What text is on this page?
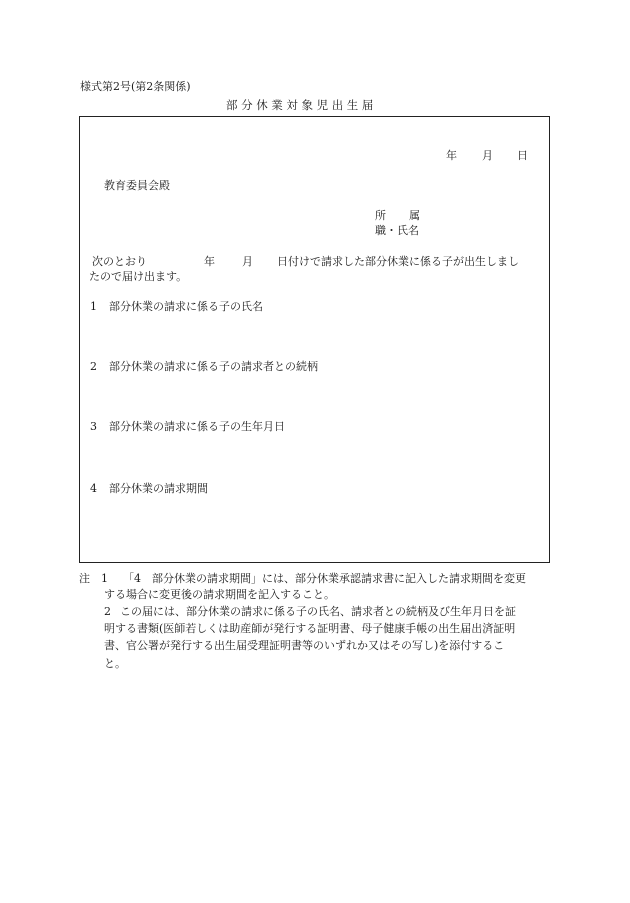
様式第2号(第2条関係)
部分休業対象児出生届
年 月 日
教育委員会殿
所 属
職・氏名
次のとおり	年 月 日付けで請求した部分休業に係る子が出生しまし
たので届け出ます。
1 部分休業の請求に係る子の氏名
2 部分休業の請求に係る子の請求者との続柄
3 部分休業の請求に係る子の生年月日
4 部分休業の請求期間
注 1 「4　部分休業の請求期間」には、部分休業承認請求書に記入した請求期間を変更
する場合に変更後の請求期間を記入すること。
2 この届には、部分休業の請求に係る子の氏名、請求者との続柄及び生年月日を証
明する書類(医師若しくは助産師が発行する証明書、母子健康手帳の出生届出済証明
書、官公署が発行する出生届受理証明書等のいずれか又はその写し)を添付するこ
と。
